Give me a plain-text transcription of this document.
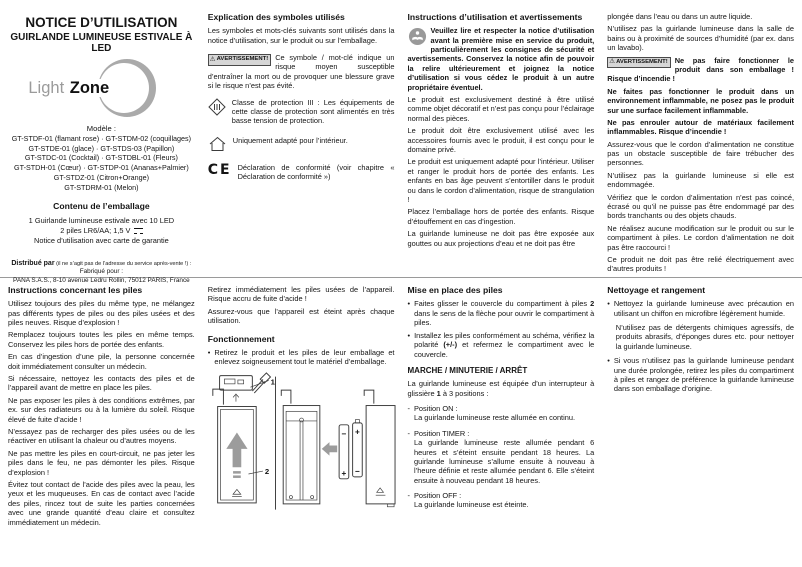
NOTICE D’UTILISATION
GUIRLANDE LUMINEUSE ESTIVALE À LED
Light Zone
Modèle :
GT-STDF-01 (flamant rose) · GT-STDM-02 (coquillages)
GT-STDE-01 (glace) · GT-STDS-03 (Papillon)
GT-STDC-01 (Cocktail) · GT-STDBL-01 (Fleurs)
GT-STDH-01 (Cœur) · GT-STDP-01 (Ananas+Palmier)
GT-STDZ-01 (Citron+Orange)
GT-STDRM-01 (Melon)
Contenu de l’emballage
1 Guirlande lumineuse estivale avec 10 LED
2 piles LR6/AA; 1,5 V
Notice d’utilisation avec carte de garantie
Distribué par (il ne s’agit pas de l’adresse du service après-vente !) :
Fabriqué pour :
PANA S.A.S., 8-10 avenue Ledru Rollin, 75012 PARIS, France
Explication des symboles utilisés

Les symboles et mots-clés suivants sont utilisés dans la notice d’utilisation, sur le produit ou sur l’emballage.

⚠ AVERTISSEMENT! Ce symbole / mot-clé indique un risque moyen susceptible d’entraîner la mort ou de provoquer une blessure grave si le risque n’est pas évité.

Classe de protection III : Les équipements de cette classe de protection sont alimentés en très basse tension de protection.

Uniquement adapté pour l’intérieur.

CE Déclaration de conformité (voir chapitre « Déclaration de conformité »)

Instructions d’utilisation et avertissements

Veuillez lire et respecter la notice d’utilisation avant la première mise en service du produit, particulièrement les consignes de sécurité et avertissements. Conservez la notice afin de pouvoir la relire ultérieurement et joignez la notice d’utilisation si vous cédez le produit à un autre propriétaire éventuel.

Le produit est exclusivement destiné à être utilisé comme objet décoratif et n’est pas conçu pour l’éclairage normal des pièces.

Le produit doit être exclusivement utilisé avec les accessoires fournis avec le produit, il est conçu pour le domaine privé.

Le produit est uniquement adapté pour l’intérieur. Utiliser et ranger le produit hors de portée des enfants. Les enfants en bas âge peuvent s’entortiller dans le produit ou dans le cordon d’alimentation, risque de strangulation !

Placez l’emballage hors de portée des enfants. Risque d’étouffement en cas d’ingestion.

La guirlande lumineuse ne doit pas être exposée aux gouttes ou aux projections d’eau et ne doit pas être

plongée dans l’eau ou dans un autre liquide.

N’utilisez pas la guirlande lumineuse dans la salle de bains ou à proximité de sources d’humidité (par ex. dans un lavabo).

⚠ AVERTISSEMENT! Ne pas faire fonctionner le produit dans son emballage ! Risque d’incendie !

Ne faites pas fonctionner le produit dans un environnement inflammable, ne posez pas le produit sur une surface facilement inflammable.

Ne pas enrouler autour de matériaux facilement inflammables. Risque d’incendie !

Assurez-vous que le cordon d’alimentation ne constitue pas un obstacle susceptible de faire trébucher des personnes.

N’utilisez pas la guirlande lumineuse si elle est endommagée.

Vérifiez que le cordon d’alimentation n’est pas coincé, écrasé ou qu’il ne puisse pas être endommagé par des bords tranchants ou des objets chauds.

Ne réalisez aucune modification sur le produit ou sur le compartiment à piles. Le cordon d’alimentation ne doit pas être raccourci !

Ce produit ne doit pas être relié électriquement avec d’autres produits !

Instructions concernant les piles

Utilisez toujours des piles du même type, ne mélangez pas différents types de piles ou des piles usées et des piles neuves. Risque d’explosion !

Remplacez toujours toutes les piles en même temps. Conservez les piles hors de portée des enfants.

En cas d’ingestion d’une pile, la personne concernée doit immédiatement consulter un médecin.

Si nécessaire, nettoyez les contacts des piles et de l’appareil avant de mettre en place les piles.

Ne pas exposer les piles à des conditions extrêmes, par ex. sur des radiateurs ou à la lumière du soleil. Risque élevé de fuite d’acide !

N’essayez pas de recharger des piles usées ou de les réactiver en utilisant la chaleur ou d’autres moyens.

Ne pas mettre les piles en court-circuit, ne pas jeter les piles dans le feu, ne pas démonter les piles. Risque d’explosion !

Évitez tout contact de l’acide des piles avec la peau, les yeux et les muqueuses. En cas de contact avec l’acide des piles, rincez tout de suite les parties concernées avec une grande quantité d’eau claire et consultez immédiatement un médecin.

Retirez immédiatement les piles usées de l’appareil. Risque accru de fuite d’acide !

Assurez-vous que l’appareil est éteint après chaque utilisation.

Fonctionnement
• Retirez le produit et les piles de leur emballage et enlevez soigneusement tout le matériel d’emballage.
1
2
−
+
+
−
Mise en place des piles
• Faites glisser le couvercle du compartiment à piles 2 dans le sens de la flèche pour ouvrir le compartiment à piles.
• Installez les piles conformément au schéma, vérifiez la polarité (+/-) et refermez le compartiment avec le couvercle.
MARCHE / MINUTERIE / ARRÊT

La guirlande lumineuse est équipée d’un interrupteur à glissière 1 à 3 positions :

- Position ON :
La guirlande lumineuse reste allumée en continu.
- Position TIMER :
La guirlande lumineuse reste allumée pendant 6 heures et s’éteint ensuite pendant 18 heures. La guirlande lumineuse s’allume ensuite à nouveau à l’heure définie et reste allumée pendant 6. Elle s’éteint ensuite à nouveau pendant 18 heures.
- Position OFF :
La guirlande lumineuse est éteinte.
Nettoyage et rangement
• Nettoyez la guirlande lumineuse avec précaution en utilisant un chiffon en microfibre légèrement humide.

N’utilisez pas de détergents chimiques agressifs, de produits abrasifs, d’éponges dures etc. pour nettoyer la guirlande lumineuse.

• Si vous n’utilisez pas la guirlande lumineuse pendant une durée prolongée, retirez les piles du compartiment à piles et rangez de préférence la guirlande lumineuse dans son emballage d’origine.
